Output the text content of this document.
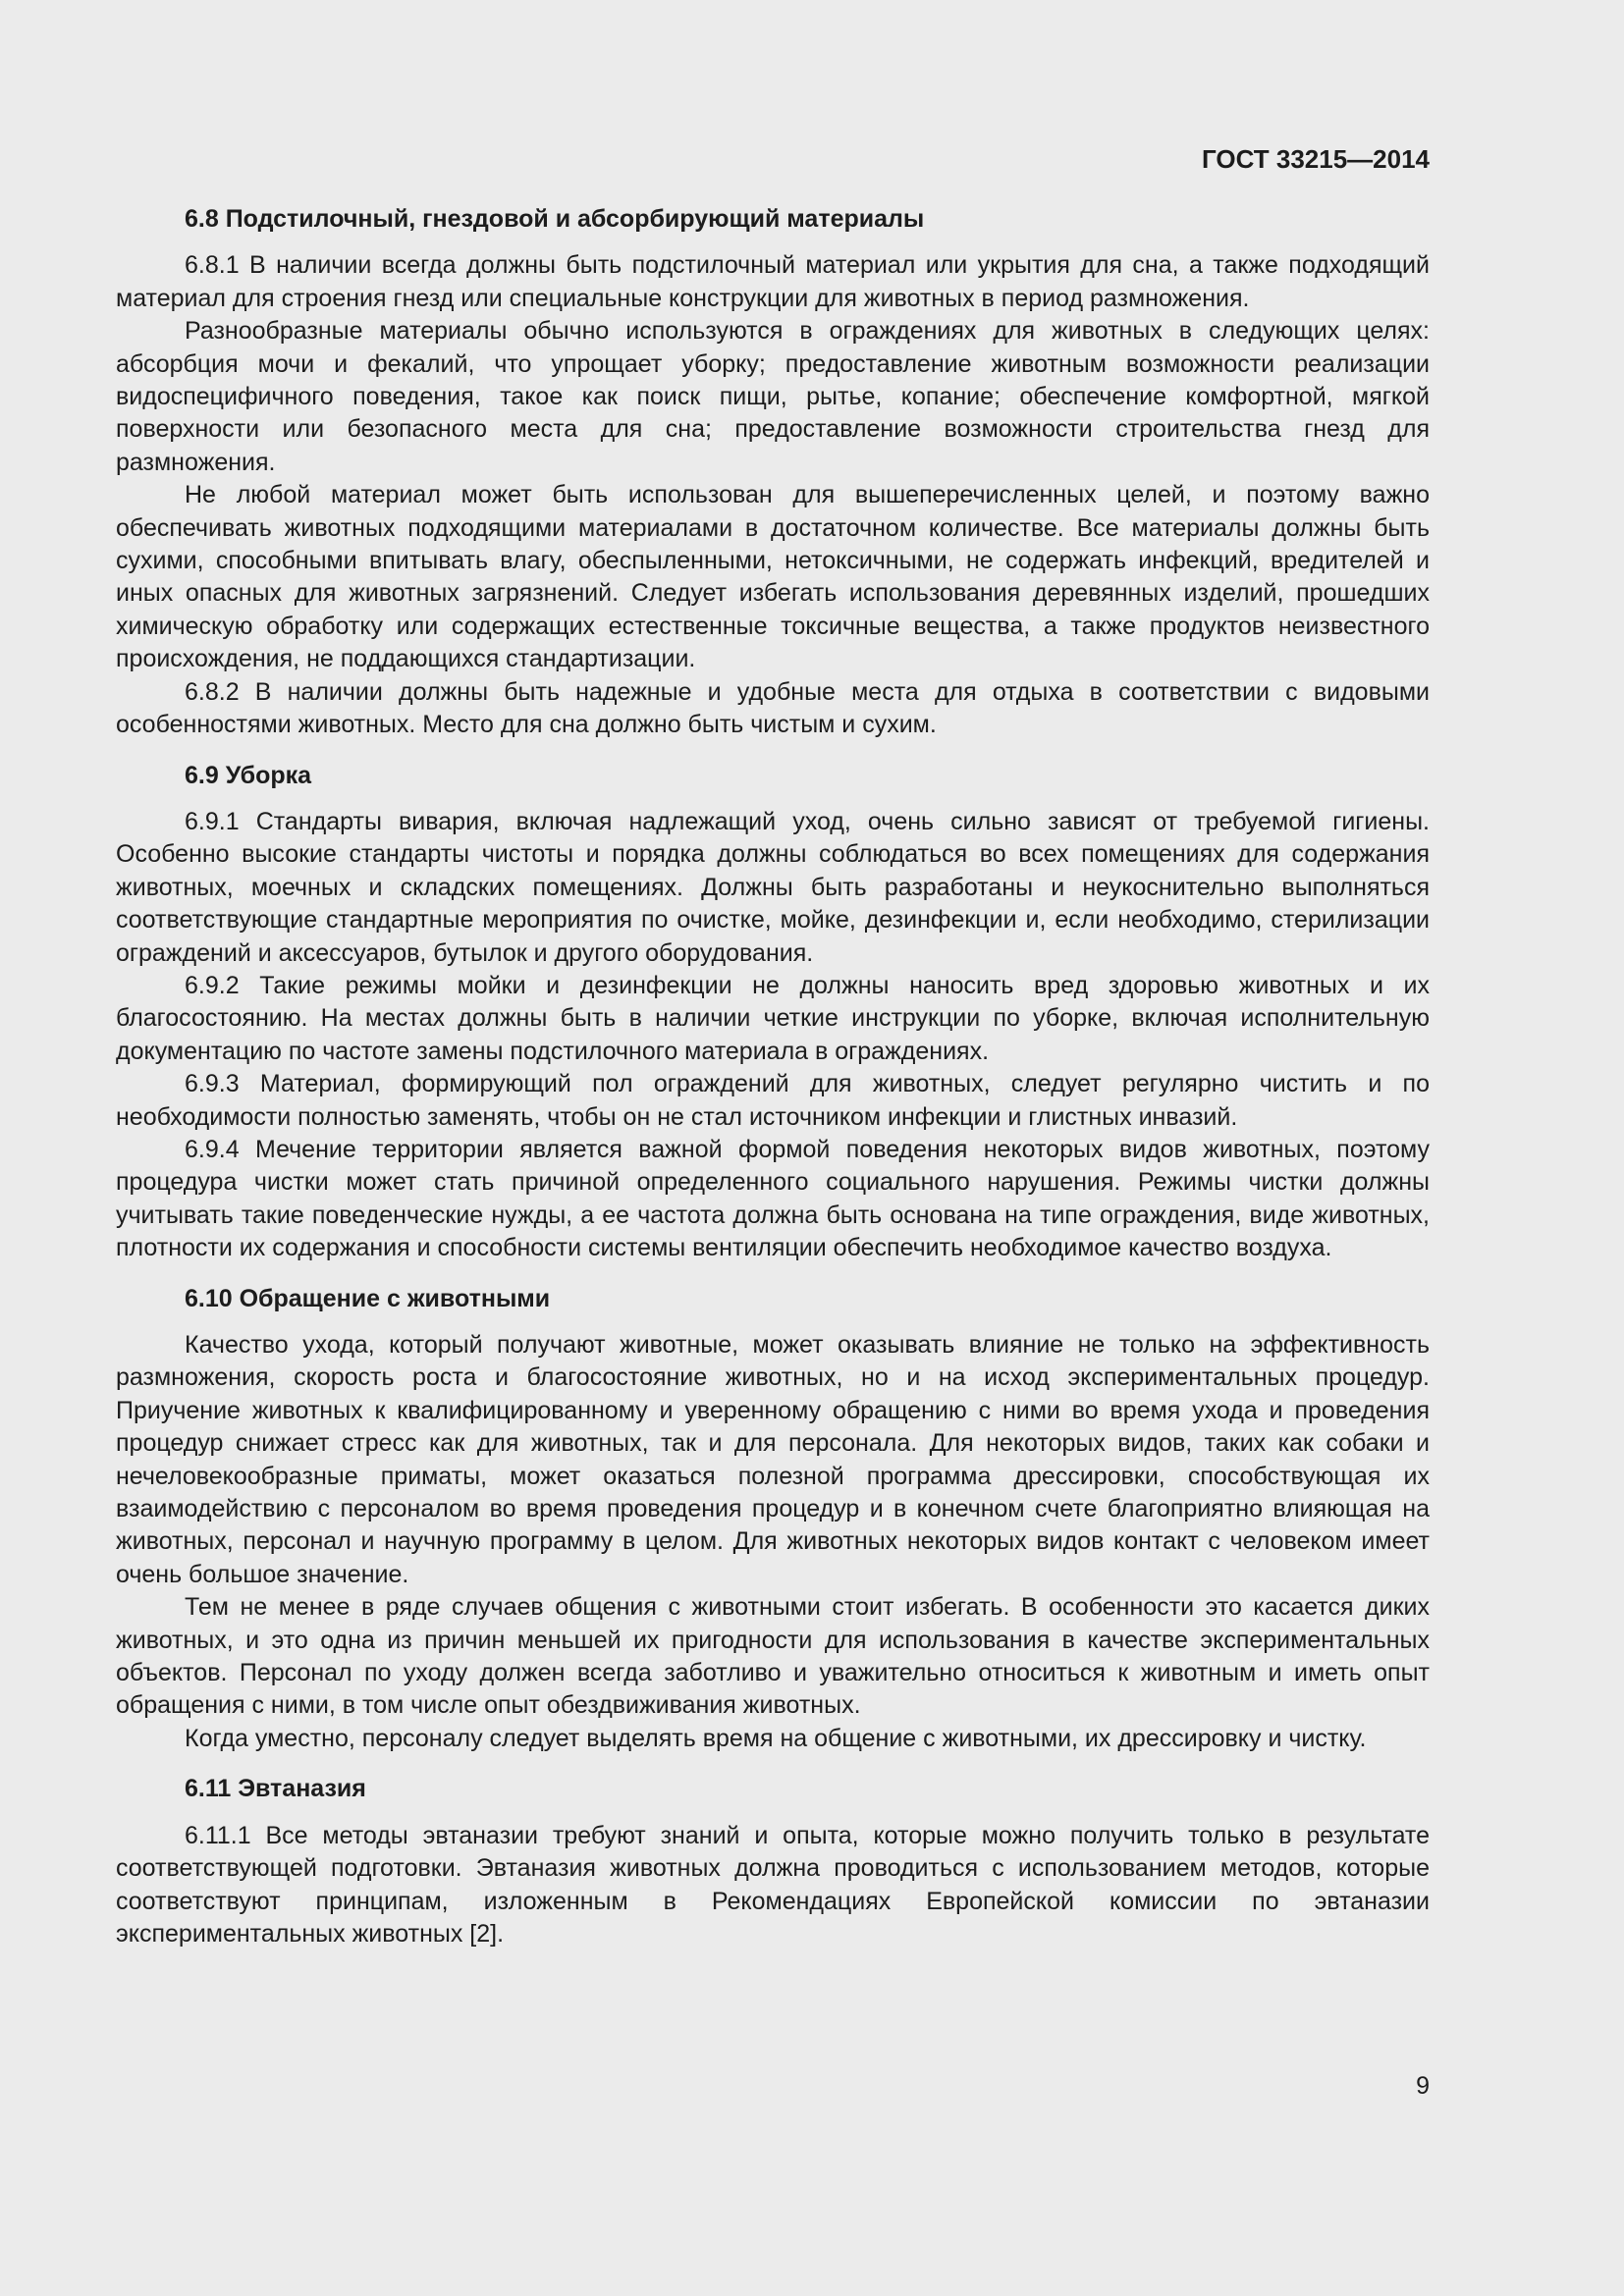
ГОСТ 33215—2014
6.8 Подстилочный, гнездовой и абсорбирующий материалы

6.8.1 В наличии всегда должны быть подстилочный материал или укрытия для сна, а также подходящий материал для строения гнезд или специальные конструкции для животных в период размножения.

Разнообразные материалы обычно используются в ограждениях для животных в следующих целях: абсорбция мочи и фекалий, что упрощает уборку; предоставление животным возможности реализации видоспецифичного поведения, такое как поиск пищи, рытье, копание; обеспечение комфортной, мягкой поверхности или безопасного места для сна; предоставление возможности строительства гнезд для размножения.

Не любой материал может быть использован для вышеперечисленных целей, и поэтому важно обеспечивать животных подходящими материалами в достаточном количестве. Все материалы должны быть сухими, способными впитывать влагу, обеспыленными, нетоксичными, не содержать инфекций, вредителей и иных опасных для животных загрязнений. Следует избегать использования деревянных изделий, прошедших химическую обработку или содержащих естественные токсичные вещества, а также продуктов неизвестного происхождения, не поддающихся стандартизации.

6.8.2 В наличии должны быть надежные и удобные места для отдыха в соответствии с видовыми особенностями животных. Место для сна должно быть чистым и сухим.

6.9 Уборка

6.9.1 Стандарты вивария, включая надлежащий уход, очень сильно зависят от требуемой гигиены. Особенно высокие стандарты чистоты и порядка должны соблюдаться во всех помещениях для содержания животных, моечных и складских помещениях. Должны быть разработаны и неукоснительно выполняться соответствующие стандартные мероприятия по очистке, мойке, дезинфекции и, если необходимо, стерилизации ограждений и аксессуаров, бутылок и другого оборудования.

6.9.2 Такие режимы мойки и дезинфекции не должны наносить вред здоровью животных и их благосостоянию. На местах должны быть в наличии четкие инструкции по уборке, включая исполнительную документацию по частоте замены подстилочного материала в ограждениях.

6.9.3 Материал, формирующий пол ограждений для животных, следует регулярно чистить и по необходимости полностью заменять, чтобы он не стал источником инфекции и глистных инвазий.

6.9.4 Мечение территории является важной формой поведения некоторых видов животных, поэтому процедура чистки может стать причиной определенного социального нарушения. Режимы чистки должны учитывать такие поведенческие нужды, а ее частота должна быть основана на типе ограждения, виде животных, плотности их содержания и способности системы вентиляции обеспечить необходимое качество воздуха.

6.10 Обращение с животными

Качество ухода, который получают животные, может оказывать влияние не только на эффективность размножения, скорость роста и благосостояние животных, но и на исход экспериментальных процедур. Приучение животных к квалифицированному и уверенному обращению с ними во время ухода и проведения процедур снижает стресс как для животных, так и для персонала. Для некоторых видов, таких как собаки и нечеловекообразные приматы, может оказаться полезной программа дрессировки, способствующая их взаимодействию с персоналом во время проведения процедур и в конечном счете благоприятно влияющая на животных, персонал и научную программу в целом. Для животных некоторых видов контакт с человеком имеет очень большое значение.

Тем не менее в ряде случаев общения с животными стоит избегать. В особенности это касается диких животных, и это одна из причин меньшей их пригодности для использования в качестве экспериментальных объектов. Персонал по уходу должен всегда заботливо и уважительно относиться к животным и иметь опыт обращения с ними, в том числе опыт обездвиживания животных.

Когда уместно, персоналу следует выделять время на общение с животными, их дрессировку и чистку.

6.11 Эвтаназия

6.11.1 Все методы эвтаназии требуют знаний и опыта, которые можно получить только в результате соответствующей подготовки. Эвтаназия животных должна проводиться с использованием методов, которые соответствуют принципам, изложенным в Рекомендациях Европейской комиссии по эвтаназии экспериментальных животных [2].

9
